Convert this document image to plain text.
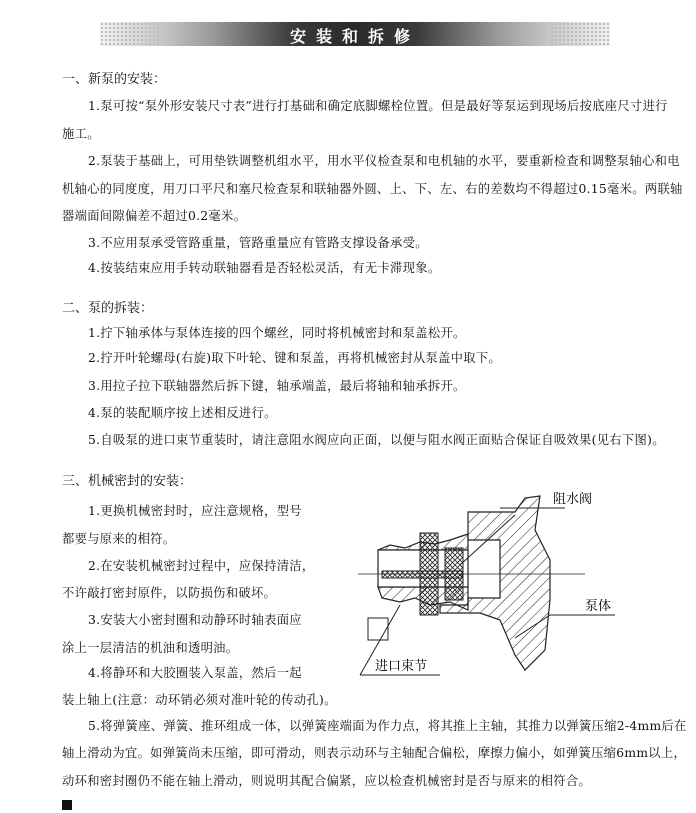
安装和拆修
一、新泵的安装：
1.泵可按“泵外形安装尺寸表”进行打基础和确定底脚螺栓位置。但是最好等泵运到现场后按底座尺寸进行
施工。
2.泵装于基础上，可用垫铁调整机组水平，用水平仪检查泵和电机轴的水平，要重新检查和调整泵轴心和电
机轴心的同度度，用刀口平尺和塞尺检查泵和联轴器外圆、上、下、左、右的差数均不得超过0.15毫米。两联轴
器端面间隙偏差不超过0.2毫米。
3.不应用泵承受管路重量，管路重量应有管路支撑设备承受。
4.按装结束应用手转动联轴器看是否轻松灵活，有无卡滞现象。
二、泵的拆装：
1.拧下轴承体与泵体连接的四个螺丝，同时将机械密封和泵盖松开。
2.拧开叶轮螺母(右旋)取下叶轮、键和泵盖，再将机械密封从泵盖中取下。
3.用拉子拉下联轴器然后拆下键，轴承端盖，最后将轴和轴承拆开。
4.泵的装配顺序按上述相反进行。
5.自吸泵的进口束节重装时，请注意阻水阀应向正面，以便与阻水阀正面贴合保证自吸效果(见右下图)。
三、机械密封的安装：
1.更换机械密封时，应注意规格，型号
都要与原来的相符。
2.在安装机械密封过程中，应保持清洁，
不许敲打密封原件，以防损伤和破坏。
3.安装大小密封圈和动静环时轴表面应
涂上一层清洁的机油和透明油。
4.将静环和大胶圈装入泵盖，然后一起
装上轴上(注意：动环销必须对准叶轮的传动孔)。
5.将弹簧座、弹簧、推环组成一体，以弹簧座端面为作力点，将其推上主轴，其推力以弹簧压缩2-4mm后在
轴上滑动为宜。如弹簧尚未压缩，即可滑动，则表示动环与主轴配合偏松，摩擦力偏小，如弹簧压缩6mm以上，
动环和密封圈仍不能在轴上滑动，则说明其配合偏紧，应以检查机械密封是否与原来的相符合。
阻水阀
泵体
进口束节
